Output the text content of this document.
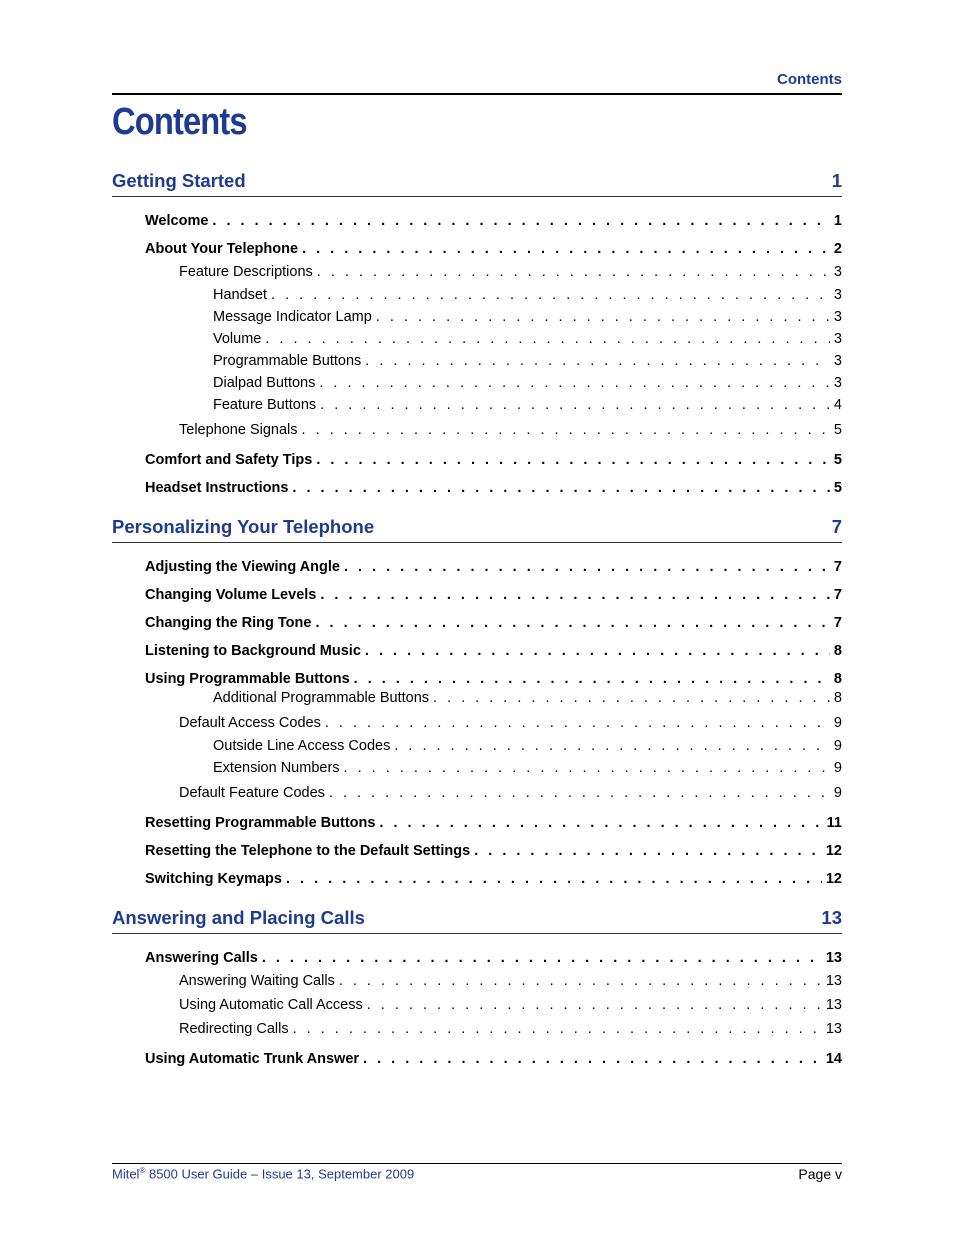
Contents
Contents
Getting Started	1
Welcome . . .	1
About Your Telephone . . .	2
Feature Descriptions . . .	3
Handset . . .	3
Message Indicator Lamp . . .	3
Volume . . .	3
Programmable Buttons . . .	3
Dialpad Buttons . . .	3
Feature Buttons . . .	4
Telephone Signals . . .	5
Comfort and Safety Tips . . .	5
Headset Instructions . . .	5
Personalizing Your Telephone	7
Adjusting the Viewing Angle . . .	7
Changing Volume Levels . . .	7
Changing the Ring Tone . . .	7
Listening to Background Music . . .	8
Using Programmable Buttons . . .	8
Additional Programmable Buttons . . .	8
Default Access Codes . . .	9
Outside Line Access Codes . . .	9
Extension Numbers . . .	9
Default Feature Codes . . .	9
Resetting Programmable Buttons . . .	11
Resetting the Telephone to the Default Settings . . .	12
Switching Keymaps . . .	12
Answering and Placing Calls	13
Answering Calls . . .	13
Answering Waiting Calls . . .	13
Using Automatic Call Access . . .	13
Redirecting Calls . . .	13
Using Automatic Trunk Answer . . .	14
Mitel® 8500 User Guide – Issue 13, September 2009	Page v
